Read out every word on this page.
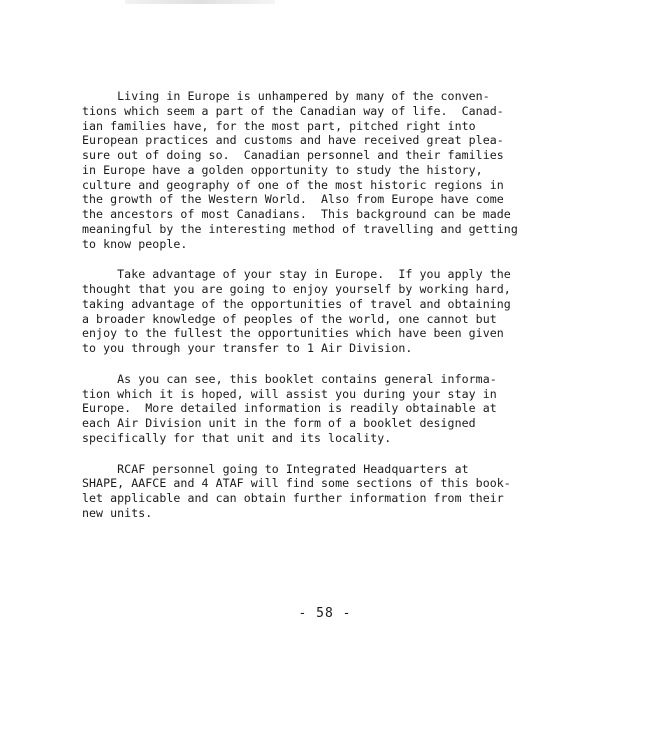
Living in Europe is unhampered by many of the conven-
tions which seem a part of the Canadian way of life.  Canad-
ian families have, for the most part, pitched right into
European practices and customs and have received great plea-
sure out of doing so.  Canadian personnel and their families
in Europe have a golden opportunity to study the history,
culture and geography of one of the most historic regions in
the growth of the Western World.  Also from Europe have come
the ancestors of most Canadians.  This background can be made
meaningful by the interesting method of travelling and getting
to know people.

Take advantage of your stay in Europe.  If you apply the
thought that you are going to enjoy yourself by working hard,
taking advantage of the opportunities of travel and obtaining
a broader knowledge of peoples of the world, one cannot but
enjoy to the fullest the opportunities which have been given
to you through your transfer to 1 Air Division.

As you can see, this booklet contains general informa-
tion which it is hoped, will assist you during your stay in
Europe.  More detailed information is readily obtainable at
each Air Division unit in the form of a booklet designed
specifically for that unit and its locality.

RCAF personnel going to Integrated Headquarters at
SHAPE, AAFCE and 4 ATAF will find some sections of this book-
let applicable and can obtain further information from their
new units.

- 58 -
